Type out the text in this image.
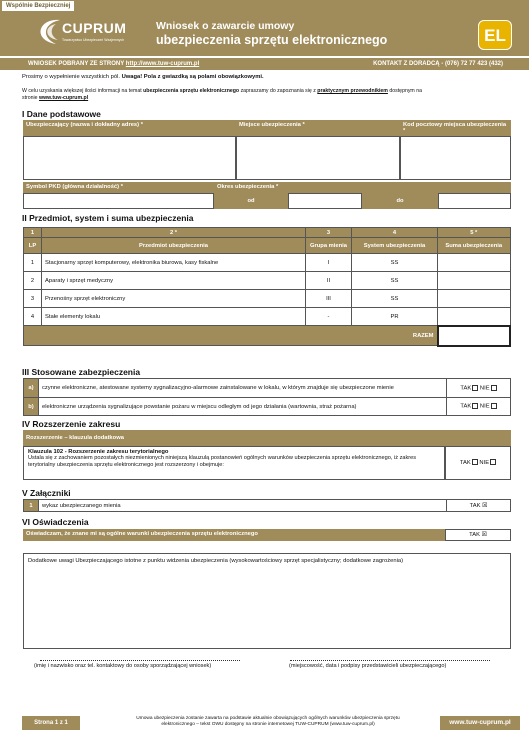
Wspólnie Bezpieczniej
CUPRUM
Towarzystwo Ubezpieczeń Wzajemnych
Wniosek o zawarcie umowy
ubezpieczenia sprzętu elektronicznego	EL
WNIOSEK POBRANY ZE STRONY http://www.tuw-cuprum.pl	KONTAKT Z DORADCĄ - (076) 72 77 423 (432)
Prosimy o wypełnienie wszystkich pól. Uwaga! Pola z gwiazdką są polami obowiązkowymi.
W celu uzyskania większej ilości informacji na temat ubezpieczenia sprzętu elektronicznego zapraszamy do zapoznania się z praktycznym przewodnikiem dostępnym na
stronie www.tuw-cuprum.pl
I Dane podstawowe
Ubezpieczający (nazwa i dokładny adres) *	Miejsce ubezpieczenia *	Kod pocztowy miejsca ubezpieczenia *
Symbol PKD (główna działalność) *	Okres ubezpieczenia *
od	do
II Przedmiot, system i suma ubezpieczenia
1	2 *	3	4	5 *
LP	Przedmiot ubezpieczenia	Grupa mienia	System ubezpieczenia	Suma ubezpieczenia
1	Stacjonarny sprzęt komputerowy, elektronika biurowa, kasy fiskalne	I	SS	
2	Aparaty i sprzęt medyczny	II	SS	
3	Przenośny sprzęt elektroniczny	III	SS	
4	Stałe elementy lokalu	-	PR	
RAZEM				
III Stosowane zabezpieczenia
a)	czynne elektroniczne, atestowane systemy sygnalizacyjno-alarmowe zainstalowane w lokalu, w którym znajduje się ubezpieczone mienie	TAK NIE
b)	elektroniczne urządzenia sygnalizujące powstanie pożaru w miejscu odległym od jego działania (wartownia, straż pożarna)	TAK NIE
IV Rozszerzenie zakresu
Rozszerzenie – klauzula dodatkowa
Klauzula 102 - Rozszerzenie zakresu terytorialnego
Ustala się z zachowaniem pozostałych niezmienionych niniejszą klauzulą postanowień ogólnych warunków ubezpieczenia sprzętu elektronicznego, iż zakres terytorialny ubezpieczenia sprzętu elektronicznego jest rozszerzony i obejmuje:	TAK NIE
V Załączniki
1	wykaz ubezpieczanego mienia	TAK ☒
VI Oświadczenia
Oświadczam, że znane mi są ogólne warunki ubezpieczenia sprzętu elektronicznego	TAK ☒
Dodatkowe uwagi Ubezpieczającego istotne z punktu widzenia ubezpieczenia (wysokowartościowy sprzęt specjalistyczny; dodatkowe zagrożenia)
(imię i nazwisko oraz tel. kontaktowy do osoby sporządzającej wniosek)	(miejscowość, data i podpisy przedstawicieli ubezpieczającego)
Strona 1 z 1
Umowa ubezpieczenia zostanie zawarta na podstawie aktualnie obowiązujących ogólnych warunków ubezpieczenia sprzętu
elektronicznego – tekst OWU dostępny na stronie internetowej TUW-CUPRUM (www.tuw-cuprum.pl)	www.tuw-cuprum.pl
